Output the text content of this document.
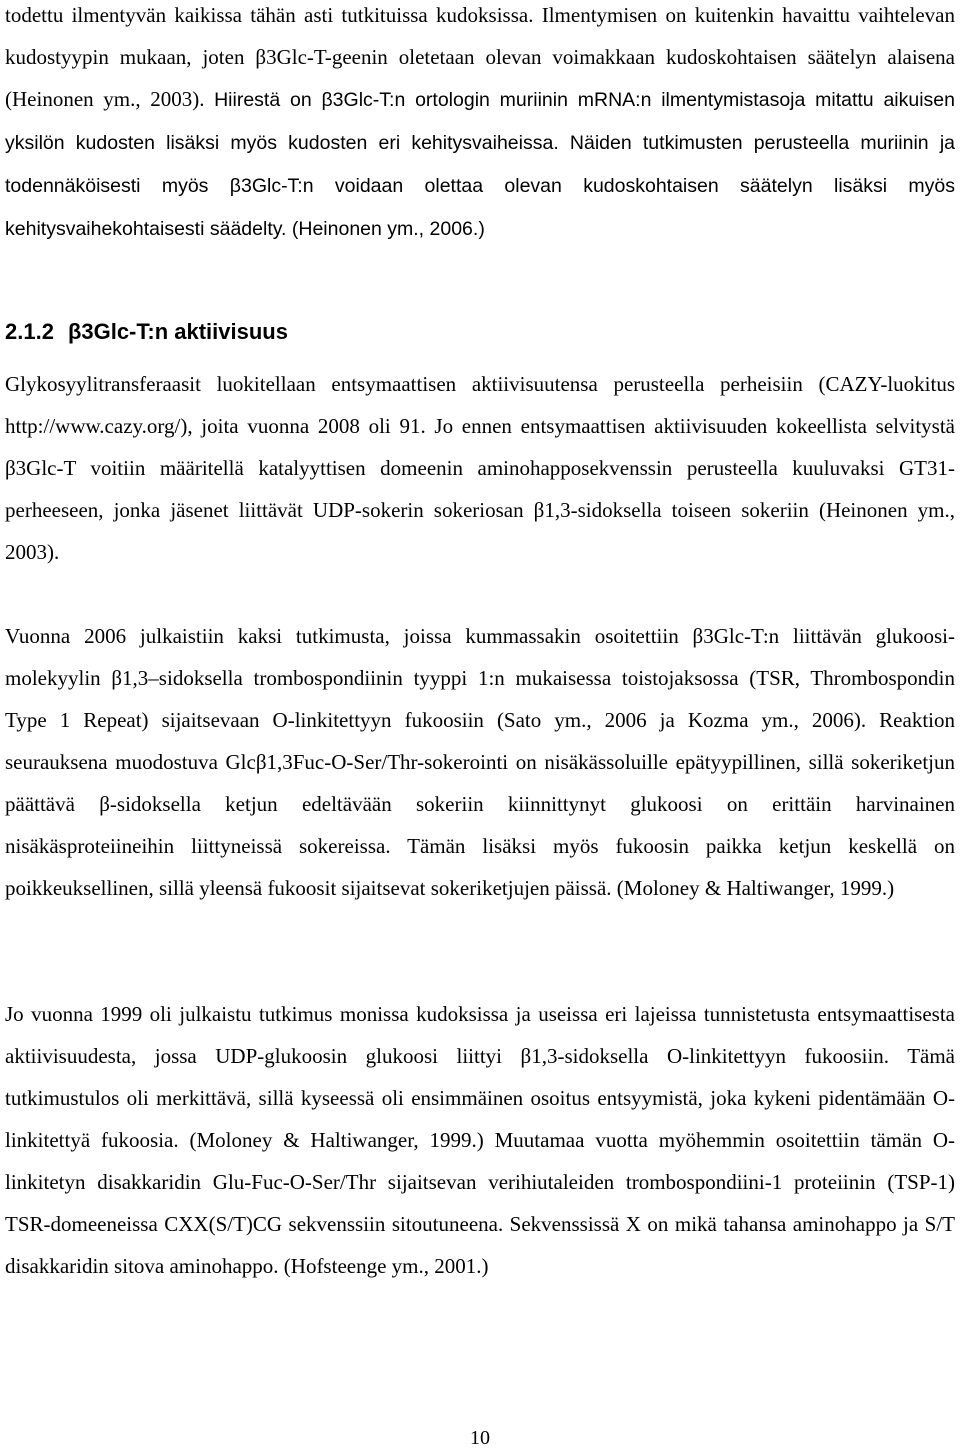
todettu ilmentyvän kaikissa tähän asti tutkituissa kudoksissa. Ilmentymisen on kuitenkin havaittu vaihtelevan kudostyypin mukaan, joten β3Glc-T-geenin oletetaan olevan voimakkaan kudoskohtaisen säätelyn alaisena (Heinonen ym., 2003). Hiirestä on β3Glc-T:n ortologin muriinin mRNA:n ilmentymistasoja mitattu aikuisen yksilön kudosten lisäksi myös kudosten eri kehitysvaiheissa. Näiden tutkimusten perusteella muriinin ja todennäköisesti myös β3Glc-T:n voidaan olettaa olevan kudoskohtaisen säätelyn lisäksi myös kehitysvaihekohtaisesti säädelty. (Heinonen ym., 2006.)

2.1.2 β3Glc-T:n aktiivisuus

Glykosyylitransferaasit luokitellaan entsymaattisen aktiivisuutensa perusteella perheisiin (CAZY-luokitus http://www.cazy.org/), joita vuonna 2008 oli 91. Jo ennen entsymaattisen aktiivisuuden kokeellista selvitystä β3Glc-T voitiin määritellä katalyyttisen domeenin aminohapposekvenssin perusteella kuuluvaksi GT31-perheeseen, jonka jäsenet liittävät UDP-sokerin sokeriosan β1,3-sidoksella toiseen sokeriin (Heinonen ym., 2003).

Vuonna 2006 julkaistiin kaksi tutkimusta, joissa kummassakin osoitettiin β3Glc-T:n liittävän glukoosi-molekyylin β1,3–sidoksella trombospondiinin tyyppi 1:n mukaisessa toistojaksossa (TSR, Thrombospondin Type 1 Repeat) sijaitsevaan O-linkitettyyn fukoosiin (Sato ym., 2006 ja Kozma ym., 2006). Reaktion seurauksena muodostuva Glcβ1,3Fuc-O-Ser/Thr-sokerointi on nisäkässoluille epätyypillinen, sillä sokeriketjun päättävä β-sidoksella ketjun edeltävään sokeriin kiinnittynyt glukoosi on erittäin harvinainen nisäkäsproteiineihin liittyneissä sokereissa. Tämän lisäksi myös fukoosin paikka ketjun keskellä on poikkeuksellinen, sillä yleensä fukoosit sijaitsevat sokeriketjujen päissä. (Moloney & Haltiwanger, 1999.)

Jo vuonna 1999 oli julkaistu tutkimus monissa kudoksissa ja useissa eri lajeissa tunnistetusta entsymaattisesta aktiivisuudesta, jossa UDP-glukoosin glukoosi liittyi β1,3-sidoksella O-linkitettyyn fukoosiin. Tämä tutkimustulos oli merkittävä, sillä kyseessä oli ensimmäinen osoitus entsyymistä, joka kykeni pidentämään O-linkitettyä fukoosia. (Moloney & Haltiwanger, 1999.) Muutamaa vuotta myöhemmin osoitettiin tämän O-linkitetyn disakkaridin Glu-Fuc-O-Ser/Thr sijaitsevan verihiutaleiden trombospondiini-1 proteiinin (TSP-1) TSR-domeeneissa CXX(S/T)CG sekvenssiin sitoutuneena. Sekvenssissä X on mikä tahansa aminohappo ja S/T disakkaridin sitova aminohappo. (Hofsteenge ym., 2001.)

10
